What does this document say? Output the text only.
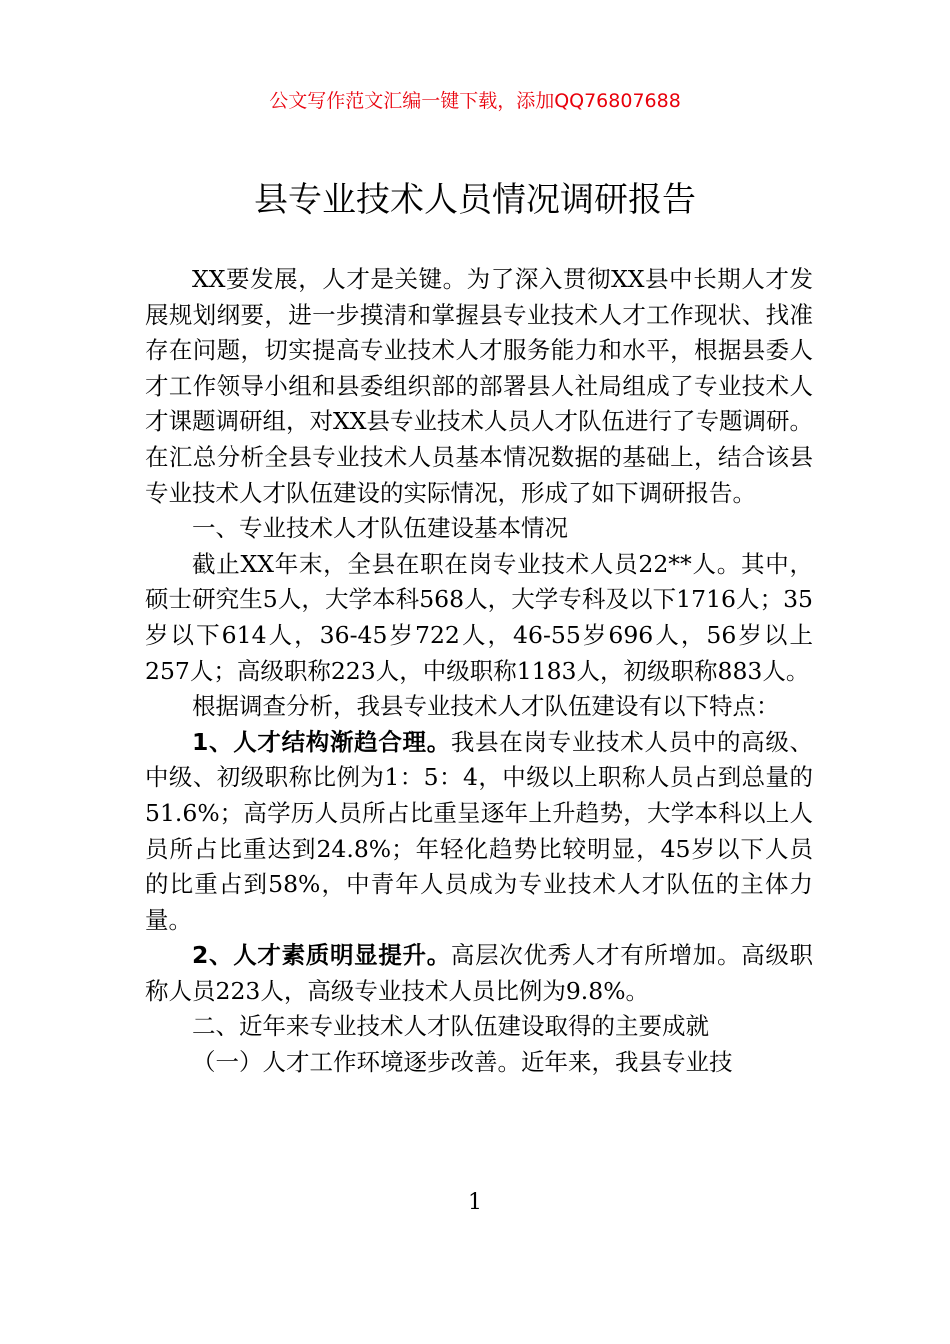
公文写作范文汇编一键下载，添加QQ76807688
县专业技术人员情况调研报告

XX要发展，人才是关键。为了深入贯彻XX县中长期人才发展规划纲要，进一步摸清和掌握县专业技术人才工作现状、找准存在问题，切实提高专业技术人才服务能力和水平，根据县委人才工作领导小组和县委组织部的部署县人社局组成了专业技术人才课题调研组，对XX县专业技术人员人才队伍进行了专题调研。在汇总分析全县专业技术人员基本情况数据的基础上，结合该县专业技术人才队伍建设的实际情况，形成了如下调研报告。

一、专业技术人才队伍建设基本情况

截止XX年末，全县在职在岗专业技术人员22**人。其中，硕士研究生5人，大学本科568人，大学专科及以下1716人；35岁以下614人，36-45岁722人，46-55岁696人，56岁以上257人；高级职称223人，中级职称1183人，初级职称883人。

根据调查分析，我县专业技术人才队伍建设有以下特点：

1、人才结构渐趋合理。我县在岗专业技术人员中的高级、中级、初级职称比例为1：5：4，中级以上职称人员占到总量的51.6%；高学历人员所占比重呈逐年上升趋势，大学本科以上人员所占比重达到24.8%；年轻化趋势比较明显，45岁以下人员的比重占到58%，中青年人员成为专业技术人才队伍的主体力量。

2、人才素质明显提升。高层次优秀人才有所增加。高级职称人员223人，高级专业技术人员比例为9.8%。

二、近年来专业技术人才队伍建设取得的主要成就

（一）人才工作环境逐步改善。近年来，我县专业技

1
